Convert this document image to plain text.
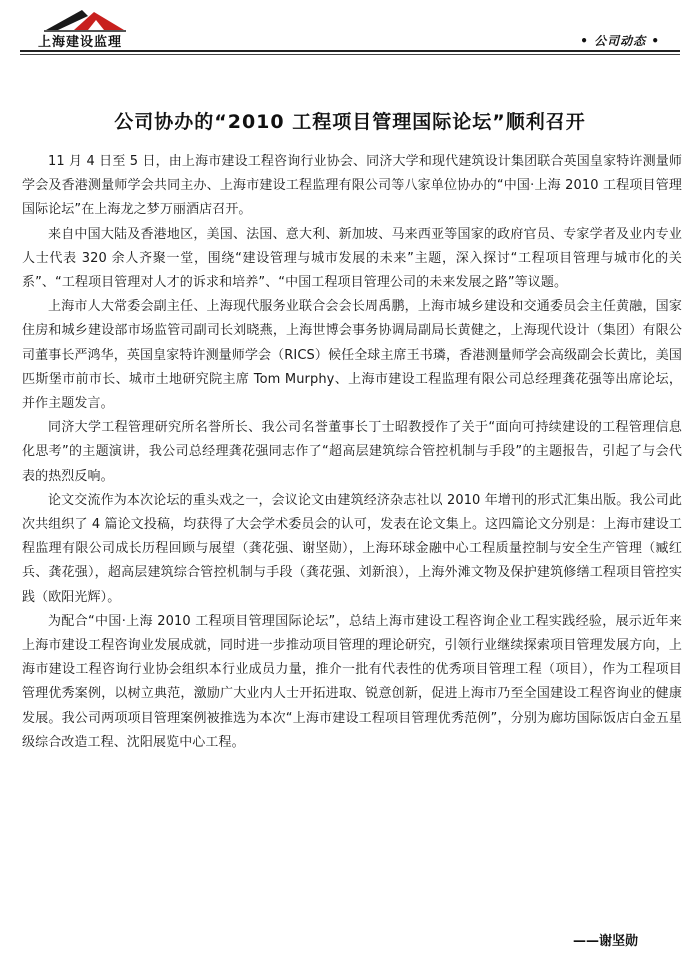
上海建设监理	• 公司动态 •
公司协办的“2010 工程项目管理国际论坛”顺利召开

11 月 4 日至 5 日，由上海市建设工程咨询行业协会、同济大学和现代建筑设计集团联合英国皇家特许测量师学会及香港测量师学会共同主办、上海市建设工程监理有限公司等八家单位协办的“中国·上海 2010 工程项目管理国际论坛”在上海龙之梦万丽酒店召开。

来自中国大陆及香港地区，美国、法国、意大利、新加坡、马来西亚等国家的政府官员、专家学者及业内专业人士代表 320 余人齐聚一堂，围绕“建设管理与城市发展的未来”主题，深入探讨“工程项目管理与城市化的关系”、“工程项目管理对人才的诉求和培养”、“中国工程项目管理公司的未来发展之路”等议题。

上海市人大常委会副主任、上海现代服务业联合会会长周禹鹏，上海市城乡建设和交通委员会主任黄融，国家住房和城乡建设部市场监管司副司长刘晓燕，上海世博会事务协调局副局长黄健之，上海现代设计（集团）有限公司董事长严鸿华，英国皇家特许测量师学会（RICS）候任全球主席王书璘，香港测量师学会高级副会长黄比，美国匹斯堡市前市长、城市土地研究院主席 Tom Murphy、上海市建设工程监理有限公司总经理龚花强等出席论坛，并作主题发言。

同济大学工程管理研究所名誉所长、我公司名誉董事长丁士昭教授作了关于“面向可持续建设的工程管理信息化思考”的主题演讲，我公司总经理龚花强同志作了“超高层建筑综合管控机制与手段”的主题报告，引起了与会代表的热烈反响。

论文交流作为本次论坛的重头戏之一，会议论文由建筑经济杂志社以 2010 年增刊的形式汇集出版。我公司此次共组织了 4 篇论文投稿，均获得了大会学术委员会的认可，发表在论文集上。这四篇论文分别是：上海市建设工程监理有限公司成长历程回顾与展望（龚花强、谢坚勋），上海环球金融中心工程质量控制与安全生产管理（臧红兵、龚花强），超高层建筑综合管控机制与手段（龚花强、刘新浪），上海外滩文物及保护建筑修缮工程项目管控实践（欧阳光辉）。

为配合“中国·上海 2010 工程项目管理国际论坛”，总结上海市建设工程咨询企业工程实践经验，展示近年来上海市建设工程咨询业发展成就，同时进一步推动项目管理的理论研究，引领行业继续探索项目管理发展方向，上海市建设工程咨询行业协会组织本行业成员力量，推介一批有代表性的优秀项目管理工程（项目），作为工程项目管理优秀案例，以树立典范，激励广大业内人士开拓进取、锐意创新，促进上海市乃至全国建设工程咨询业的健康发展。我公司两项项目管理案例被推选为本次“上海市建设工程项目管理优秀范例”，分别为廊坊国际饭店白金五星级综合改造工程、沈阳展览中心工程。

——谢坚勋
